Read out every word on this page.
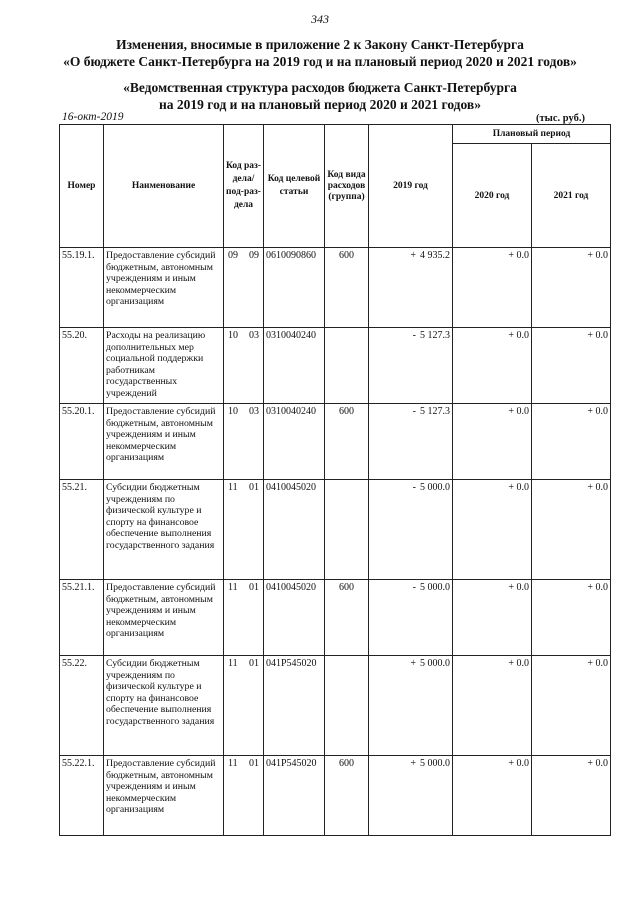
343
Изменения, вносимые в приложение 2 к Закону Санкт-Петербурга
«О бюджете Санкт-Петербурга на 2019 год и на плановый период 2020 и 2021 годов»
«Ведомственная структура расходов бюджета Санкт-Петербурга
на 2019 год и на плановый период 2020 и 2021 годов»
16-окт-2019	(тыс. руб.)
Номер	Наименование	Код раз-дела/ под-раз-дела	Код целевой статьи	Код вида расходов (группа)	2019 год	Плановый период	
						2020 год	2021 год
55.19.1.	Предоставление субсидий бюджетным, автономным учреждениям и иным некоммерческим организациям	09 09	0610090860	600	+ 4 935.2	+ 0.0	+ 0.0
55.20.	Расходы на реализацию дополнительных мер социальной поддержки работникам государственных учреждений	10 03	0310040240		- 5 127.3	+ 0.0	+ 0.0
55.20.1.	Предоставление субсидий бюджетным, автономным учреждениям и иным некоммерческим организациям	10 03	0310040240	600	- 5 127.3	+ 0.0	+ 0.0
55.21.	Субсидии бюджетным учреждениям по физической культуре и спорту на финансовое обеспечение выполнения государственного задания	11 01	0410045020		- 5 000.0	+ 0.0	+ 0.0
55.21.1.	Предоставление субсидий бюджетным, автономным учреждениям и иным некоммерческим организациям	11 01	0410045020	600	- 5 000.0	+ 0.0	+ 0.0
55.22.	Субсидии бюджетным учреждениям по физической культуре и спорту на финансовое обеспечение выполнения государственного задания	11 01	041P545020		+ 5 000.0	+ 0.0	+ 0.0
55.22.1.	Предоставление субсидий бюджетным, автономным учреждениям и иным некоммерческим организациям	11 01	041P545020	600	+ 5 000.0	+ 0.0	+ 0.0
